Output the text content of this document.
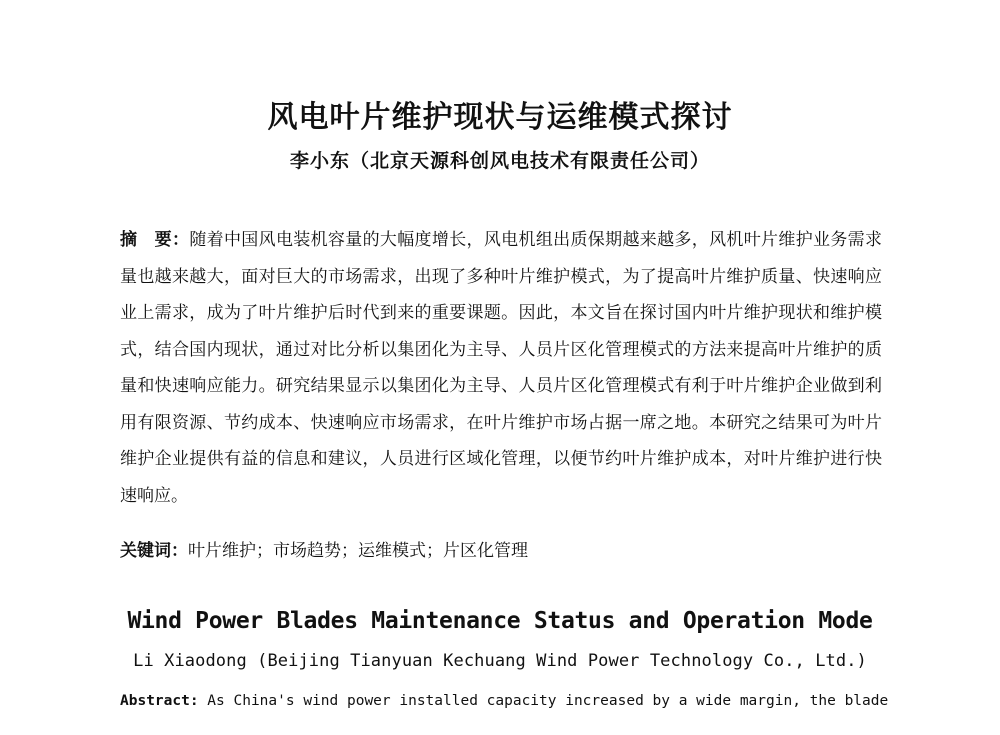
风电叶片维护现状与运维模式探讨

李小东（北京天源科创风电技术有限责任公司）

摘　要：随着中国风电装机容量的大幅度增长，风电机组出质保期越来越多，风机叶片维护业务需求量也越来越大，面对巨大的市场需求，出现了多种叶片维护模式，为了提高叶片维护质量、快速响应业上需求，成为了叶片维护后时代到来的重要课题。因此，本文旨在探讨国内叶片维护现状和维护模式，结合国内现状，通过对比分析以集团化为主导、人员片区化管理模式的方法来提高叶片维护的质量和快速响应能力。研究结果显示以集团化为主导、人员片区化管理模式有利于叶片维护企业做到利用有限资源、节约成本、快速响应市场需求，在叶片维护市场占据一席之地。本研究之结果可为叶片维护企业提供有益的信息和建议，人员进行区域化管理，以便节约叶片维护成本，对叶片维护进行快速响应。

关键词：叶片维护；市场趋势；运维模式；片区化管理

Wind Power Blades Maintenance Status and Operation Mode

Li Xiaodong (Beijing Tianyuan Kechuang Wind Power Technology Co., Ltd.)

Abstract: As China's wind power installed capacity increased by a wide margin, the blade
